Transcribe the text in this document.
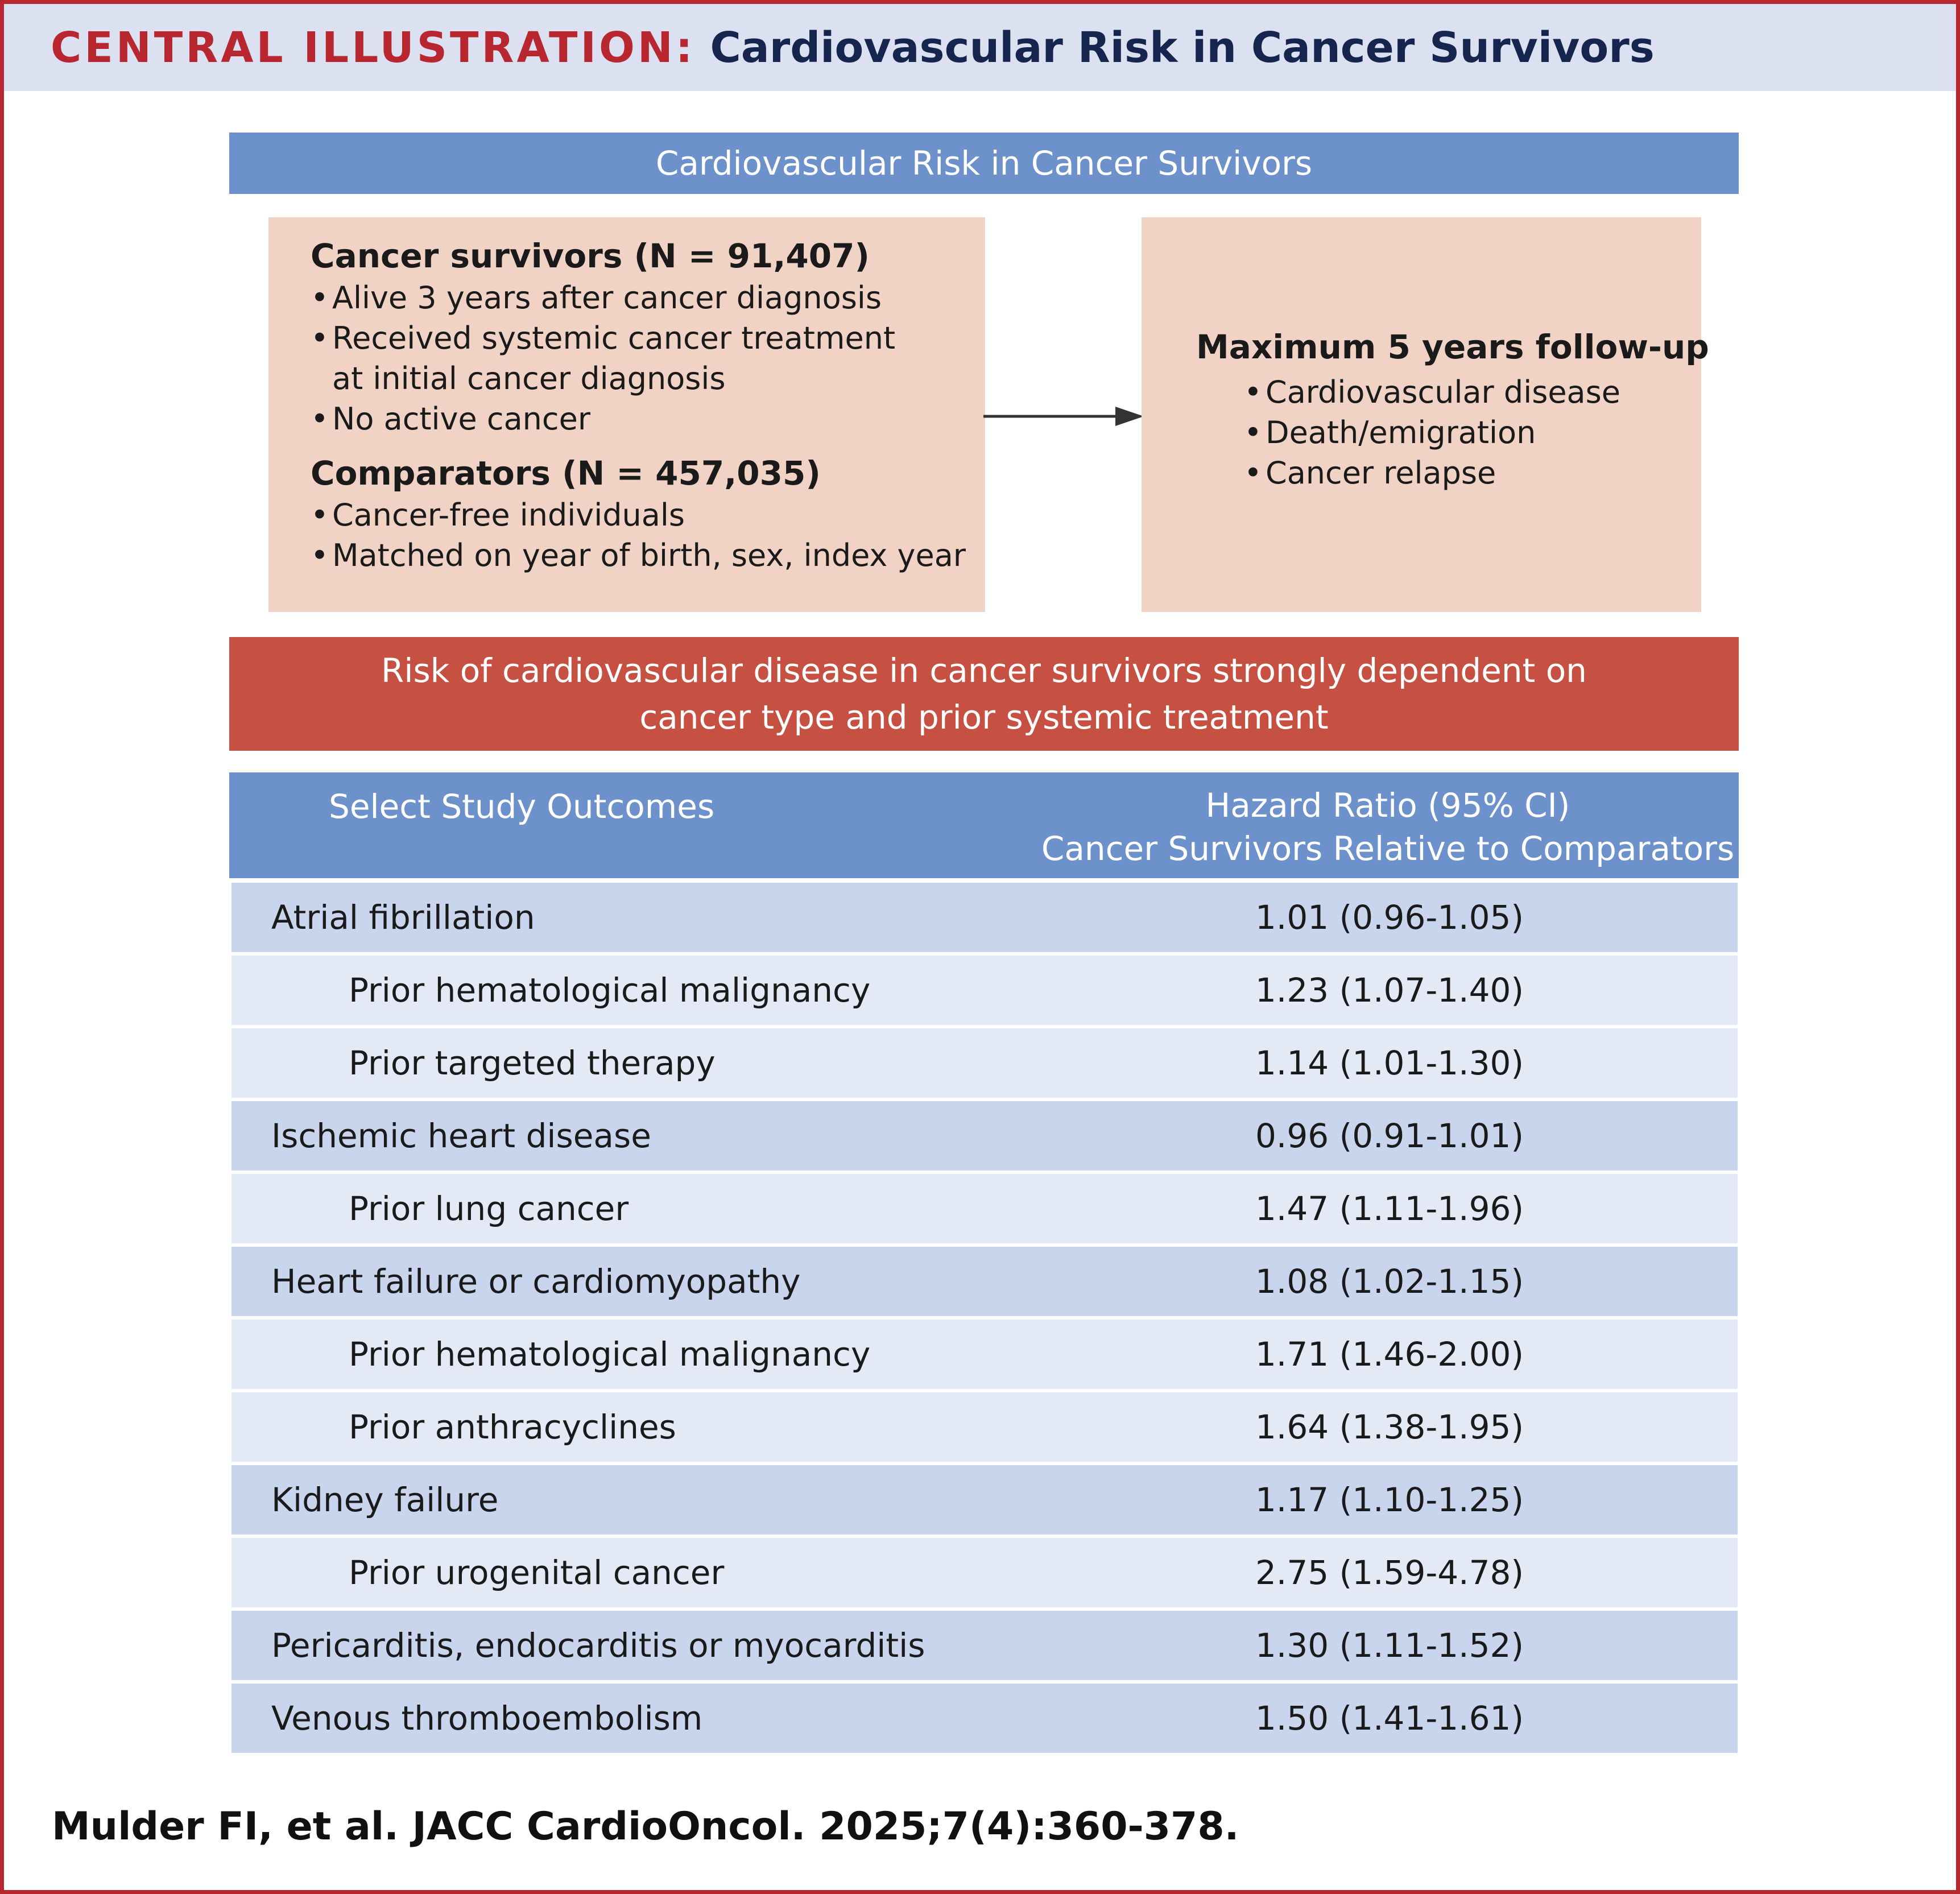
CENTRAL ILLUSTRATION: Cardiovascular Risk in Cancer Survivors
Cardiovascular Risk in Cancer Survivors
Cancer survivors (N = 91,407)
• Alive 3 years after cancer diagnosis
• Received systemic cancer treatment
at initial cancer diagnosis
• No active cancer
Comparators (N = 457,035)
• Cancer-free individuals
• Matched on year of birth, sex, index year
Maximum 5 years follow-up
• Cardiovascular disease
• Death/emigration
• Cancer relapse
Risk of cardiovascular disease in cancer survivors strongly dependent on
cancer type and prior systemic treatment
Select Study Outcomes	Hazard Ratio (95% CI)
Cancer Survivors Relative to Comparators
Atrial fibrillation	1.01 (0.96-1.05)
Prior hematological malignancy	1.23 (1.07-1.40)
Prior targeted therapy	1.14 (1.01-1.30)
Ischemic heart disease	0.96 (0.91-1.01)
Prior lung cancer	1.47 (1.11-1.96)
Heart failure or cardiomyopathy	1.08 (1.02-1.15)
Prior hematological malignancy	1.71 (1.46-2.00)
Prior anthracyclines	1.64 (1.38-1.95)
Kidney failure	1.17 (1.10-1.25)
Prior urogenital cancer	2.75 (1.59-4.78)
Pericarditis, endocarditis or myocarditis	1.30 (1.11-1.52)
Venous thromboembolism	1.50 (1.41-1.61)
Mulder FI, et al. JACC CardioOncol. 2025;7(4):360-378.
